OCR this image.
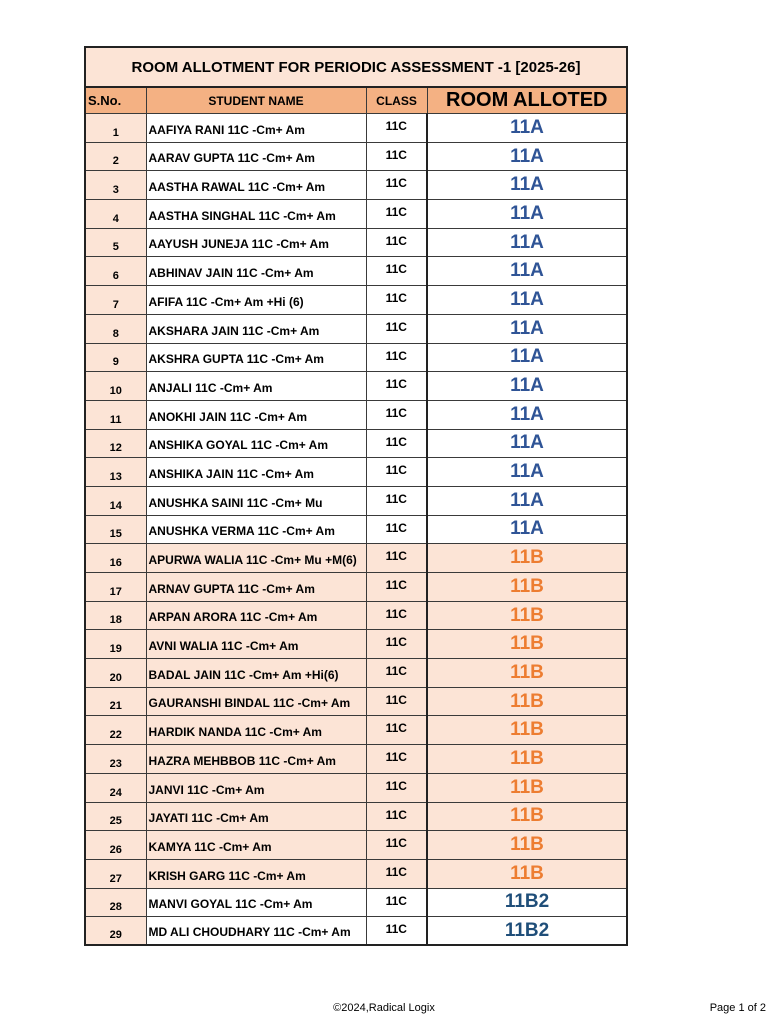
ROOM ALLOTMENT FOR PERIODIC ASSESSMENT -1 [2025-26]			
S.No.	STUDENT NAME	CLASS	ROOM ALLOTED
1	AAFIYA RANI 11C -Cm+ Am	11C	11A
2	AARAV GUPTA 11C -Cm+ Am	11C	11A
3	AASTHA RAWAL 11C -Cm+ Am	11C	11A
4	AASTHA SINGHAL 11C -Cm+ Am	11C	11A
5	AAYUSH JUNEJA 11C -Cm+ Am	11C	11A
6	ABHINAV JAIN 11C -Cm+ Am	11C	11A
7	AFIFA 11C -Cm+ Am +Hi (6)	11C	11A
8	AKSHARA JAIN 11C -Cm+ Am	11C	11A
9	AKSHRA GUPTA 11C -Cm+ Am	11C	11A
10	ANJALI 11C -Cm+ Am	11C	11A
11	ANOKHI JAIN 11C -Cm+ Am	11C	11A
12	ANSHIKA GOYAL 11C -Cm+ Am	11C	11A
13	ANSHIKA JAIN 11C -Cm+ Am	11C	11A
14	ANUSHKA SAINI 11C -Cm+ Mu	11C	11A
15	ANUSHKA VERMA 11C -Cm+ Am	11C	11A
16	APURWA WALIA 11C -Cm+ Mu +M(6)	11C	11B
17	ARNAV GUPTA 11C -Cm+ Am	11C	11B
18	ARPAN ARORA 11C -Cm+ Am	11C	11B
19	AVNI WALIA 11C -Cm+ Am	11C	11B
20	BADAL JAIN 11C -Cm+ Am +Hi(6)	11C	11B
21	GAURANSHI BINDAL 11C -Cm+ Am	11C	11B
22	HARDIK NANDA 11C -Cm+ Am	11C	11B
23	HAZRA MEHBBOB 11C -Cm+ Am	11C	11B
24	JANVI 11C -Cm+ Am	11C	11B
25	JAYATI 11C -Cm+ Am	11C	11B
26	KAMYA 11C -Cm+ Am	11C	11B
27	KRISH GARG 11C -Cm+ Am	11C	11B
28	MANVI GOYAL 11C -Cm+ Am	11C	11B2
29	MD ALI CHOUDHARY 11C -Cm+ Am	11C	11B2
©2024,Radical Logix	Page 1 of 2
